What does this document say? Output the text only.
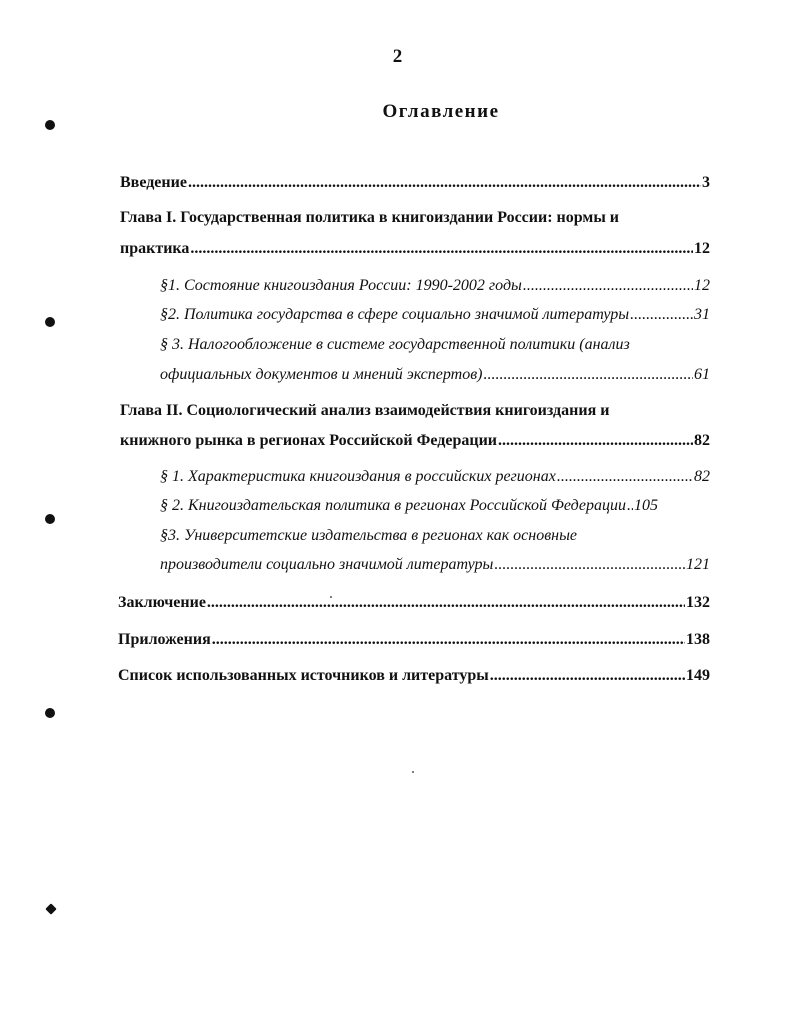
2
Оглавление
Введение .....	3
Глава I. Государственная политика в книгоиздании России: нормы и
практика .....	12
§1. Состояние книгоиздания России: 1990-2002 годы .....	12
§2. Политика государства в сфере социально значимой литературы .....	31
§ 3. Налогообложение в системе государственной политики (анализ
официальных документов и мнений экспертов) .....	61
Глава II. Социологический анализ взаимодействия книгоиздания и
книжного рынка в регионах Российской Федерации .....	82
§ 1. Характеристика книгоиздания в российских регионах .....	82
§ 2. Книгоиздательская политика в регионах Российской Федерации ..... 105
§3. Университетские издательства в регионах как основные
производители социально значимой литературы .....	121
Заключение .....	132
Приложения .....	138
Список использованных источников и литературы .....	149
